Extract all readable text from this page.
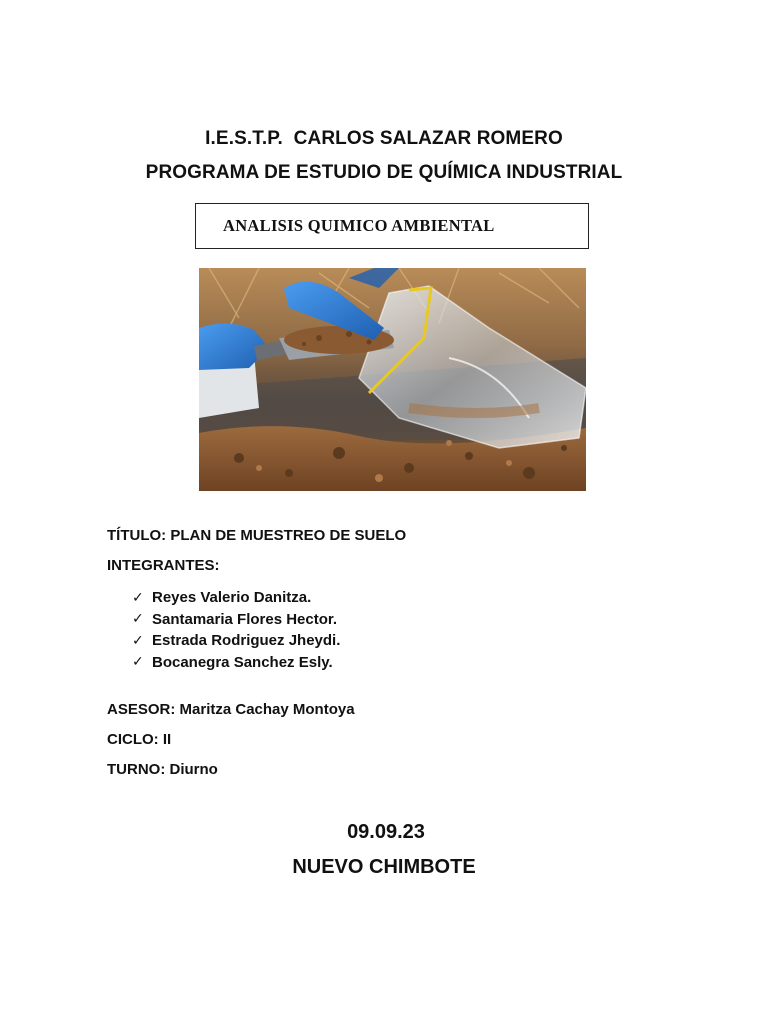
I.E.S.T.P.  CARLOS SALAZAR ROMERO
PROGRAMA DE ESTUDIO DE QUÍMICA INDUSTRIAL
ANALISIS QUIMICO AMBIENTAL
TÍTULO: PLAN DE MUESTREO DE SUELO
INTEGRANTES:
✓ Reyes Valerio Danitza.
✓ Santamaria Flores Hector.
✓ Estrada Rodriguez Jheydi.
✓ Bocanegra Sanchez Esly.
ASESOR: Maritza Cachay Montoya
CICLO: II
TURNO: Diurno
09.09.23
NUEVO CHIMBOTE
